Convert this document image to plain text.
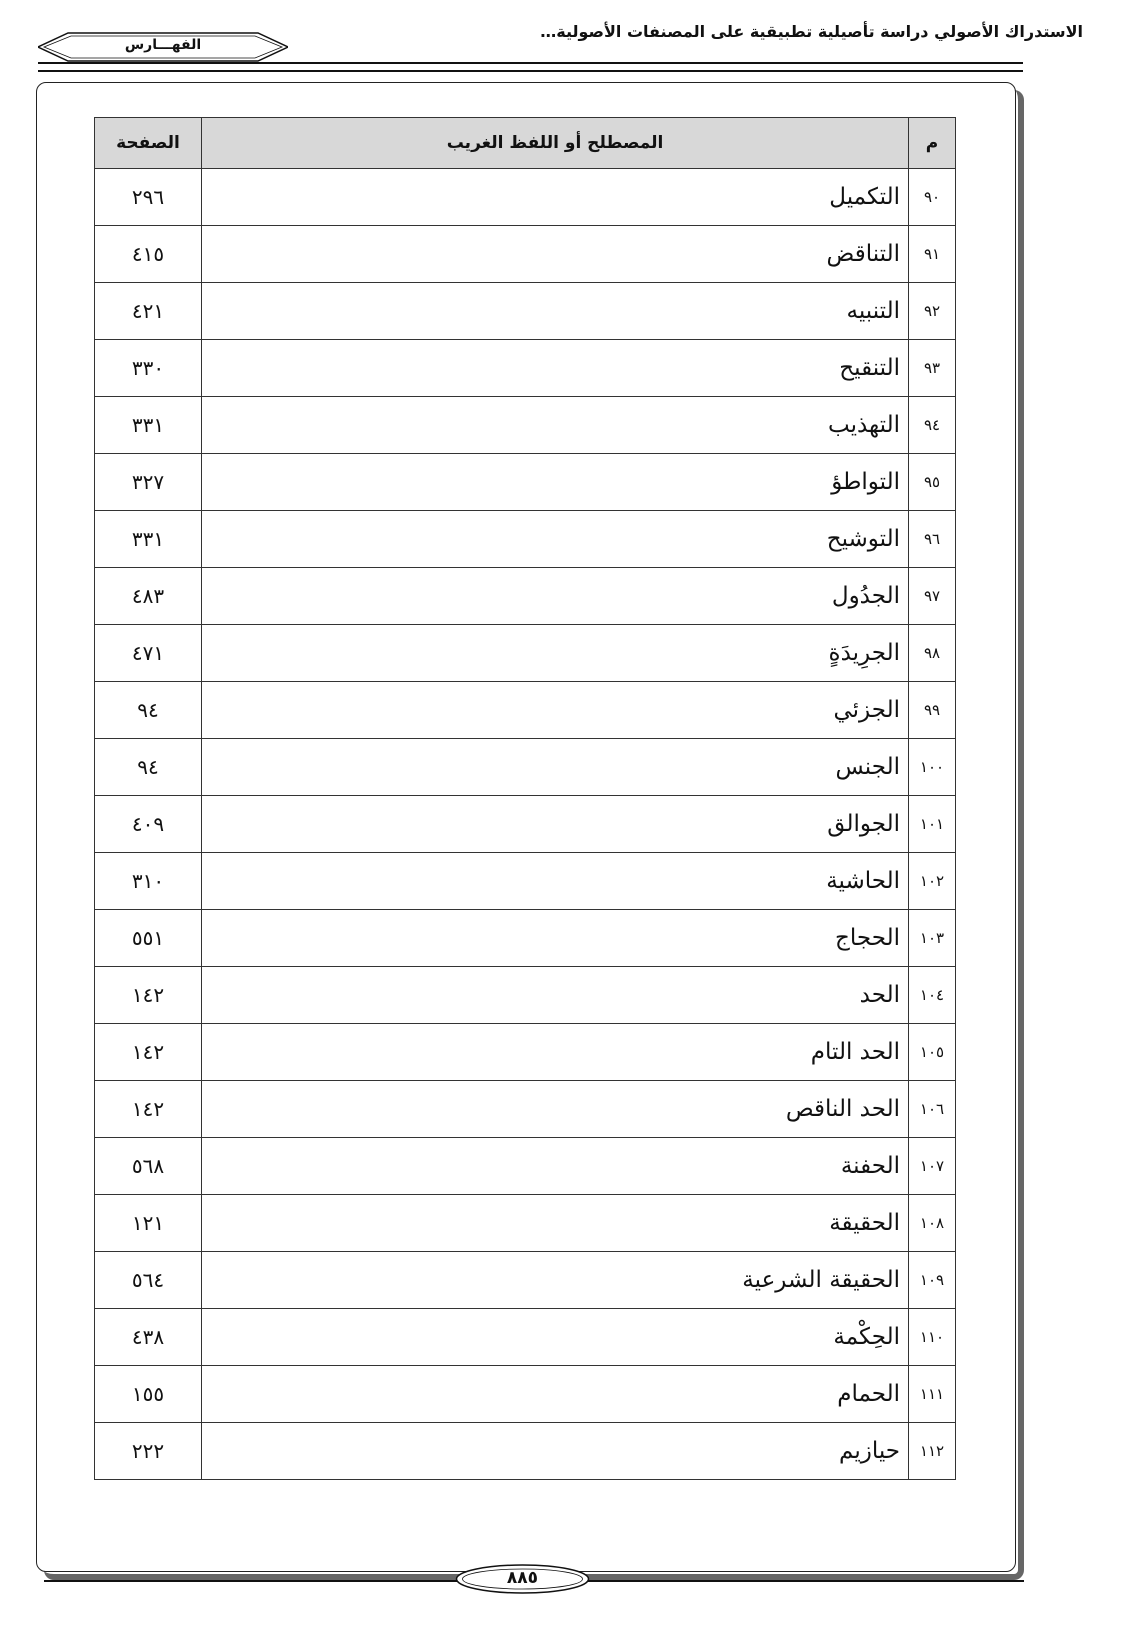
الاستدراك الأصولي دراسة تأصيلية تطبيقية على المصنفات الأصولية…
الفهـــارس
م	المصطلح أو اللفظ الغريب	الصفحة
٩٠	التكميل	٢٩٦
٩١	التناقض	٤١٥
٩٢	التنبيه	٤٢١
٩٣	التنقيح	٣٣٠
٩٤	التهذيب	٣٣١
٩٥	التواطؤ	٣٢٧
٩٦	التوشيح	٣٣١
٩٧	الجدُول	٤٨٣
٩٨	الجرِيدَةٍ	٤٧١
٩٩	الجزئي	٩٤
١٠٠	الجنس	٩٤
١٠١	الجوالق	٤٠٩
١٠٢	الحاشية	٣١٠
١٠٣	الحجاج	٥٥١
١٠٤	الحد	١٤٢
١٠٥	الحد التام	١٤٢
١٠٦	الحد الناقص	١٤٢
١٠٧	الحفنة	٥٦٨
١٠٨	الحقيقة	١٢١
١٠٩	الحقيقة الشرعية	٥٦٤
١١٠	الحِكْمة	٤٣٨
١١١	الحمام	١٥٥
١١٢	حيازيم	٢٢٢
٨٨٥
